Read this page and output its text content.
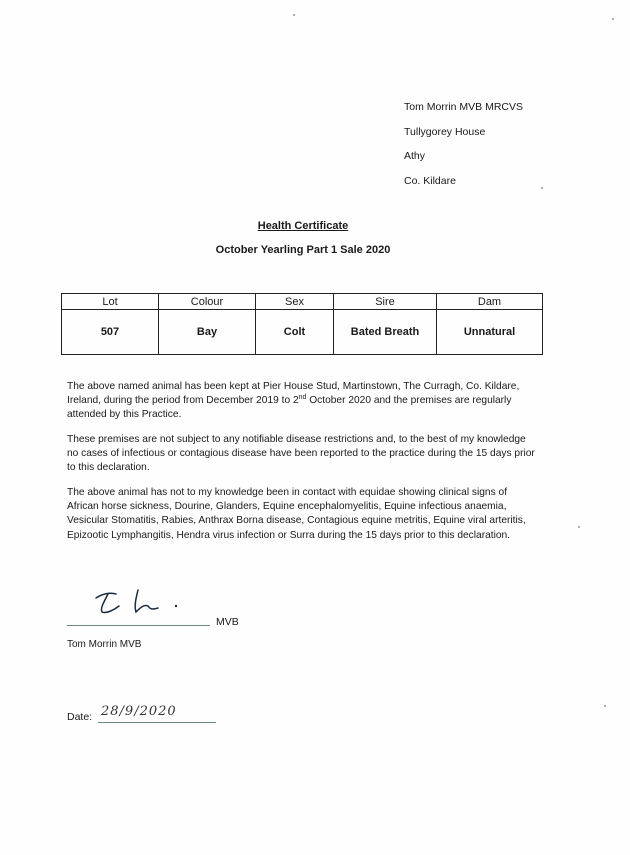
Tom Morrin MVB MRCVS
Tullygorey House
Athy
Co. Kildare
Health Certificate
October Yearling Part 1 Sale 2020
Lot	Colour	Sex	Sire	Dam
507	Bay	Colt	Bated Breath	Unnatural
The above named animal has been kept at Pier House Stud, Martinstown, The Curragh, Co. Kildare, Ireland, during the period from December 2019 to 2nd October 2020 and the premises are regularly attended by this Practice.
These premises are not subject to any notifiable disease restrictions and, to the best of my knowledge no cases of infectious or contagious disease have been reported to the practice during the 15 days prior to this declaration.
The above animal has not to my knowledge been in contact with equidae showing clinical signs of African horse sickness, Dourine, Glanders, Equine encephalomyelitis, Equine infectious anaemia, Vesicular Stomatitis, Rabies, Anthrax Borna disease, Contagious equine metritis, Equine viral arteritis, Epizootic Lymphangitis, Hendra virus infection or Surra during the 15 days prior to this declaration.
MVB
Tom Morrin MVB
Date: 28/9/2020
